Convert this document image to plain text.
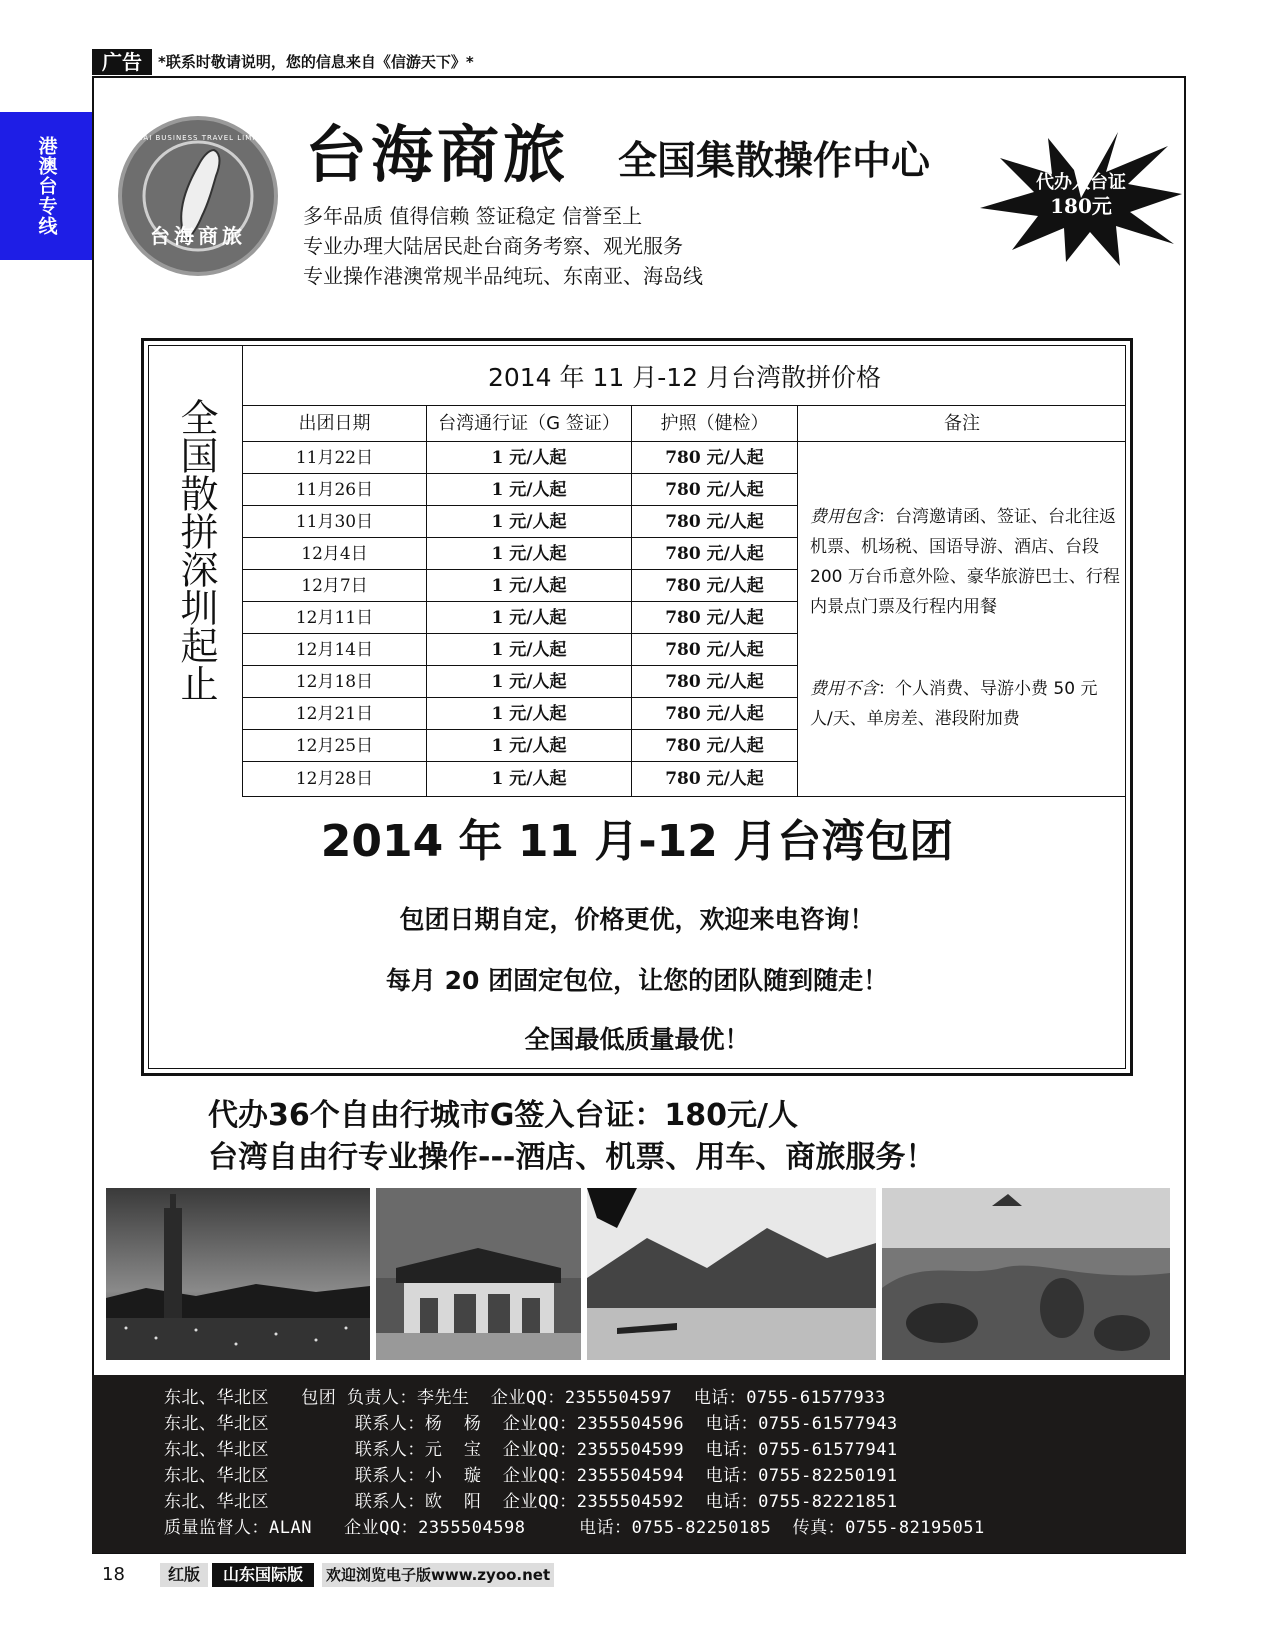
广告	*联系时敬请说明，您的信息来自《信游天下》*
港澳台专线	台海商旅
TAIHAI BUSINESS TRAVEL LIMITED 台海商旅 全国集散操作中心
多年品质 值得信赖 签证稳定 信誉至上
专业办理大陆居民赴台商务考察、观光服务
专业操作港澳常规半品纯玩、东南亚、海岛线
代办入台证
180元
全国散拼深圳起止
2014 年 11 月-12 月台湾散拼价格
出团日期	台湾通行证（G 签证）	护照（健检）	备注
11月22日	1 元/人起	780 元/人起
11月26日	1 元/人起	780 元/人起
11月30日	1 元/人起	780 元/人起
12月4日	1 元/人起	780 元/人起
12月7日	1 元/人起	780 元/人起
12月11日	1 元/人起	780 元/人起
12月14日	1 元/人起	780 元/人起
12月18日	1 元/人起	780 元/人起
12月21日	1 元/人起	780 元/人起
12月25日	1 元/人起	780 元/人起
12月28日	1 元/人起	780 元/人起
费用包含：台湾邀请函、签证、台北往返机票、机场税、国语导游、酒店、台段 200 万台币意外险、豪华旅游巴士、行程内景点门票及行程内用餐
费用不含：个人消费、导游小费 50 元人/天、单房差、港段附加费
2014 年 11 月-12 月台湾包团
包团日期自定，价格更优，欢迎来电咨询！
每月 20 团固定包位，让您的团队随到随走！
全国最低质量最优！
代办36个自由行城市G签入台证：180元/人
台湾自由行专业操作---酒店、机票、用车、商旅服务！
东北、华北区   包团 负责人：李先生  企业QQ：2355504597  电话：0755-61577933
东北、华北区        联系人：杨  杨  企业QQ：2355504596  电话：0755-61577943
东北、华北区        联系人：元  宝  企业QQ：2355504599  电话：0755-61577941
东北、华北区        联系人：小  璇  企业QQ：2355504594  电话：0755-82250191
东北、华北区        联系人：欧  阳  企业QQ：2355504592  电话：0755-82221851
质量监督人：ALAN   企业QQ：2355504598     电话：0755-82250185  传真：0755-82195051
18	红版	山东国际版	欢迎浏览电子版www.zyoo.net
